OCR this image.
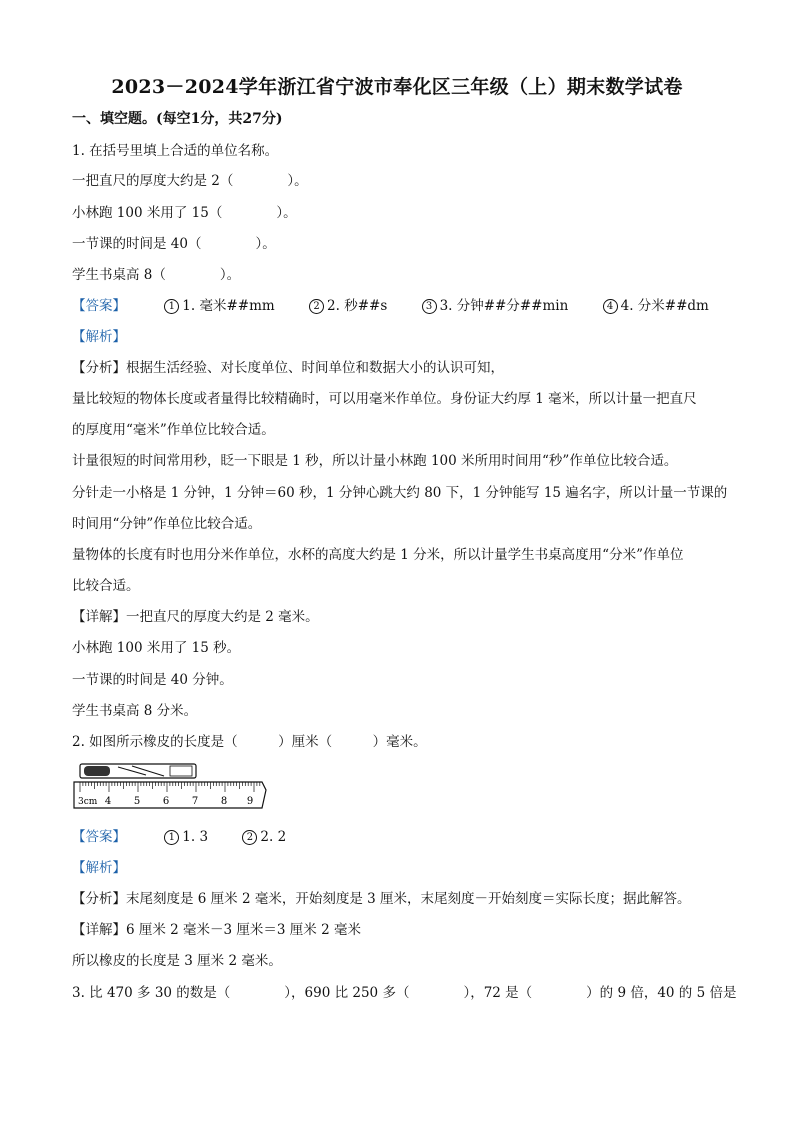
2023－2024学年浙江省宁波市奉化区三年级（上）期末数学试卷
一、填空题。(每空1分，共27分)
1. 在括号里填上合适的单位名称。
一把直尺的厚度大约是 2（　　　　）。
小林跑 100 米用了 15（　　　　）。
一节课的时间是 40（　　　　）。
学生书桌高 8（　　　　）。
【答案】	1 1. 毫米##mm	2 2. 秒##s	3 3. 分钟##分##min	4 4. 分米##dm
【解析】
【分析】根据生活经验、对长度单位、时间单位和数据大小的认识可知，
量比较短的物体长度或者量得比较精确时，可以用毫米作单位。身份证大约厚 1 毫米，所以计量一把直尺
的厚度用“毫米”作单位比较合适。
计量很短的时间常用秒，眨一下眼是 1 秒，所以计量小林跑 100 米所用时间用“秒”作单位比较合适。
分针走一小格是 1 分钟，1 分钟＝60 秒，1 分钟心跳大约 80 下，1 分钟能写 15 遍名字，所以计量一节课的
时间用“分钟”作单位比较合适。
量物体的长度有时也用分米作单位，水杯的高度大约是 1 分米，所以计量学生书桌高度用“分米”作单位
比较合适。
【详解】一把直尺的厚度大约是 2 毫米。
小林跑 100 米用了 15 秒。
一节课的时间是 40 分钟。
学生书桌高 8 分米。
2. 如图所示橡皮的长度是（　　　）厘米（　　　）毫米。
3cm 4 5 6 7 8 9
【答案】	1 1. 3	2 2. 2
【解析】
【分析】末尾刻度是 6 厘米 2 毫米，开始刻度是 3 厘米，末尾刻度－开始刻度＝实际长度；据此解答。
【详解】6 厘米 2 毫米－3 厘米＝3 厘米 2 毫米
所以橡皮的长度是 3 厘米 2 毫米。
3. 比 470 多 30 的数是（　　　　），690 比 250 多（　　　　），72 是（　　　　）的 9 倍，40 的 5 倍是
